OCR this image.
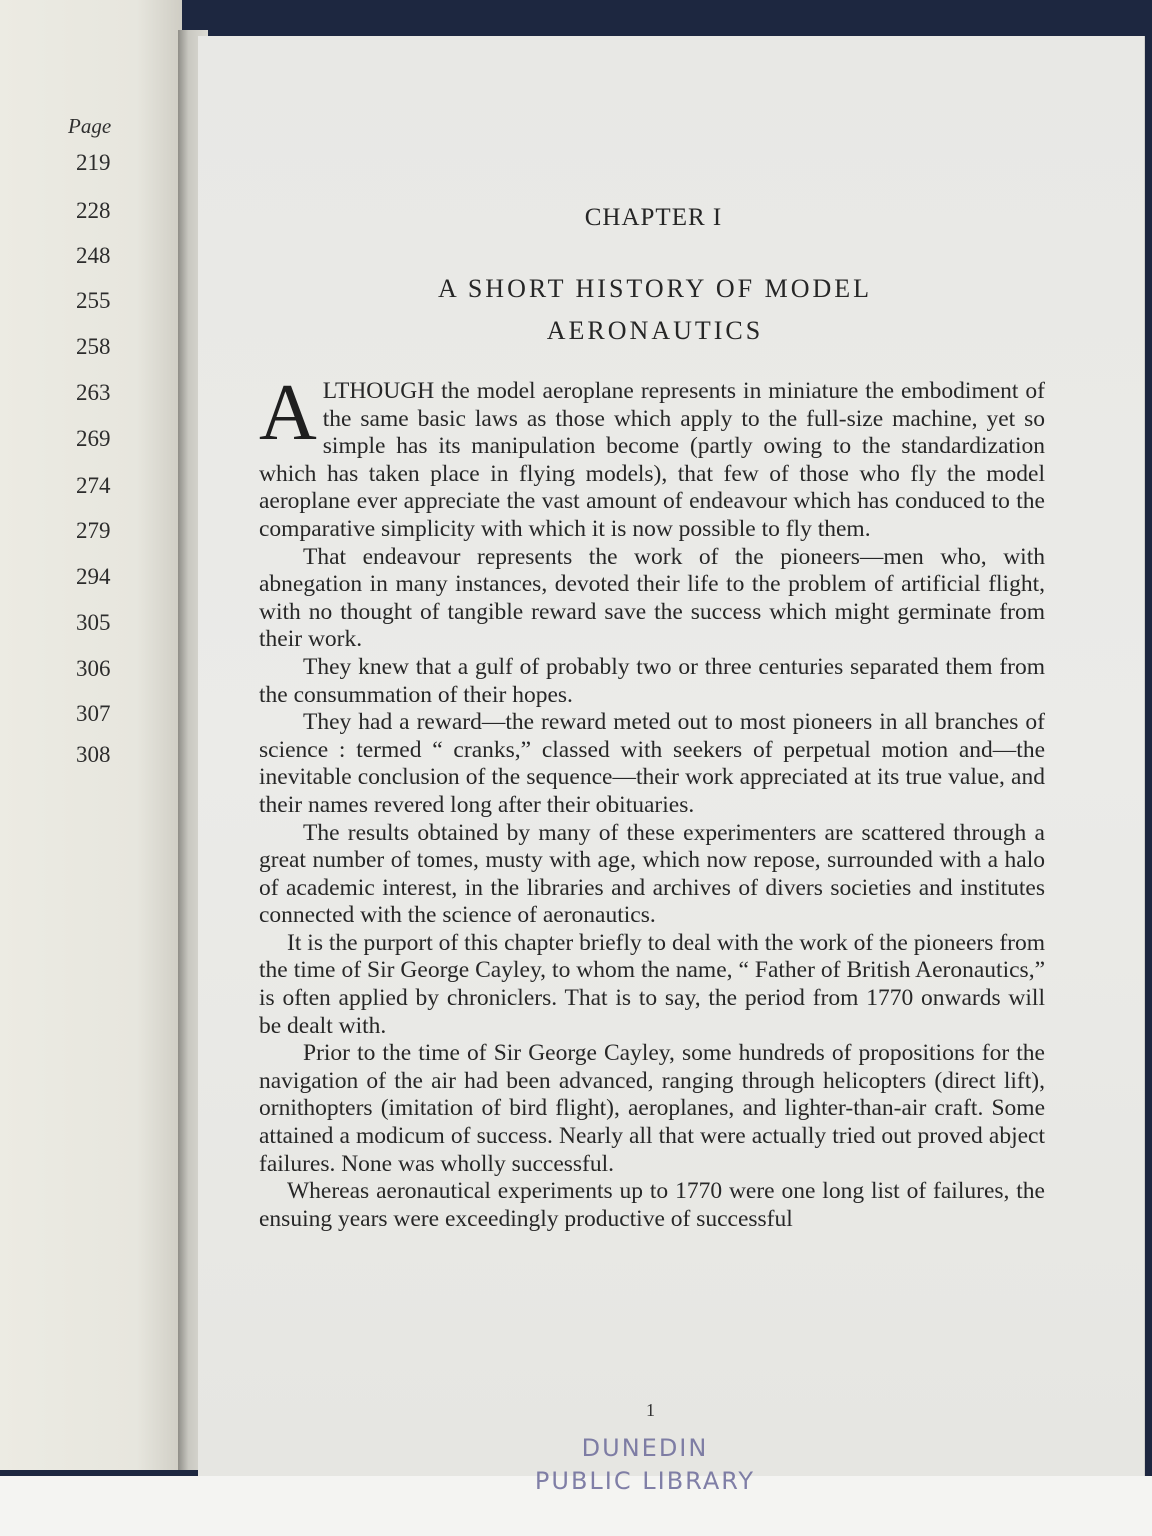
Page
219
228
248
255
258
263
269
274
279
294
305
306
307
308
CHAPTER I
A SHORT HISTORY OF MODEL
AERONAUTICS

ALTHOUGH the model aeroplane represents in miniature the embodiment of the same basic laws as those which apply to the full-size machine, yet so simple has its manipulation become (partly owing to the standardization which has taken place in flying models), that few of those who fly the model aeroplane ever appreciate the vast amount of endeavour which has conduced to the comparative simplicity with which it is now possible to fly them.

That endeavour represents the work of the pioneers—men who, with abnegation in many instances, devoted their life to the problem of artificial flight, with no thought of tangible reward save the success which might germinate from their work.

They knew that a gulf of probably two or three centuries separated them from the consummation of their hopes.

They had a reward—the reward meted out to most pioneers in all branches of science : termed “ cranks,” classed with seekers of perpetual motion and—the inevitable conclusion of the sequence—their work appreciated at its true value, and their names revered long after their obituaries.

The results obtained by many of these experimenters are scattered through a great number of tomes, musty with age, which now repose, surrounded with a halo of academic interest, in the libraries and archives of divers societies and institutes connected with the science of aeronautics.

It is the purport of this chapter briefly to deal with the work of the pioneers from the time of Sir George Cayley, to whom the name, “ Father of British Aeronautics,” is often applied by chroniclers. That is to say, the period from 1770 onwards will be dealt with.

Prior to the time of Sir George Cayley, some hundreds of propositions for the navigation of the air had been advanced, ranging through helicopters (direct lift), ornithopters (imitation of bird flight), aeroplanes, and lighter-than-air craft. Some attained a modicum of success. Nearly all that were actually tried out proved abject failures. None was wholly successful.

Whereas aeronautical experiments up to 1770 were one long list of failures, the ensuing years were exceedingly productive of successful

1
DUNEDIN
PUBLIC LIBRARY
